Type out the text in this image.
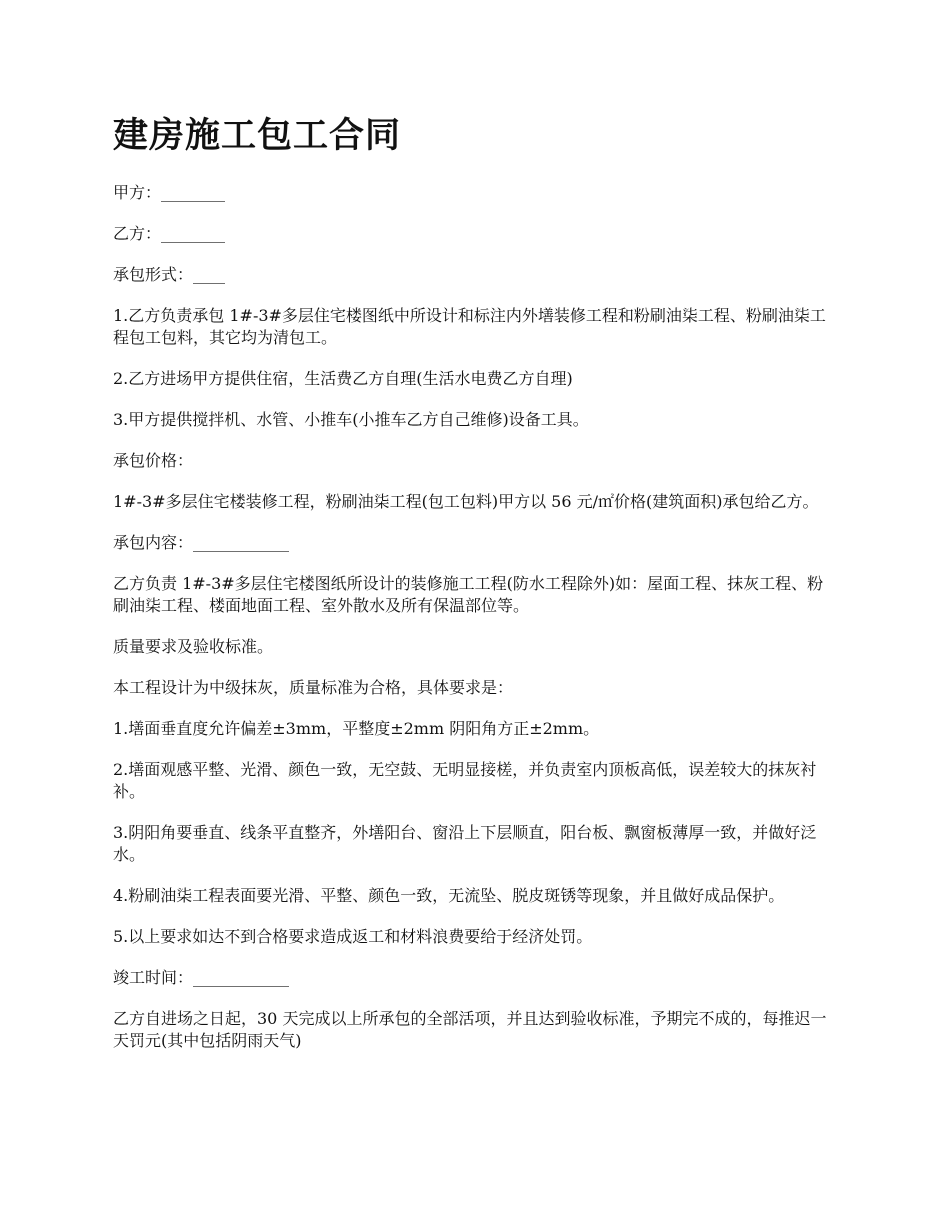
建房施工包工合同

甲方：________

乙方：________

承包形式：____

1.乙方负责承包 1#-3#多层住宅楼图纸中所设计和标注内外墡装修工程和粉刷油柒工程、粉刷油柒工程包工包料，其它均为清包工。

2.乙方进场甲方提供住宿，生活费乙方自理(生活水电费乙方自理)

3.甲方提供搅拌机、水管、小推车(小推车乙方自己维修)设备工具。

承包价格：

1#-3#多层住宅楼装修工程，粉刷油柒工程(包工包料)甲方以 56 元/㎡价格(建筑面积)承包给乙方。

承包内容：____________

乙方负责 1#-3#多层住宅楼图纸所设计的装修施工工程(防水工程除外)如：屋面工程、抹灰工程、粉刷油柒工程、楼面地面工程、室外散水及所有保温部位等。

质量要求及验收标准。

本工程设计为中级抹灰，质量标准为合格，具体要求是：

1.墡面垂直度允许偏差±3mm，平整度±2mm 阴阳角方正±2mm。

2.墡面观感平整、光滑、颜色一致，无空鼓、无明显接槎，并负责室内顶板高低，误差较大的抹灰衬补。

3.阴阳角要垂直、线条平直整齐，外墡阳台、窗沿上下层顺直，阳台板、飘窗板薄厚一致，并做好泛水。

4.粉刷油柒工程表面要光滑、平整、颜色一致，无流坠、脱皮斑锈等现象，并且做好成品保护。

5.以上要求如达不到合格要求造成返工和材料浪费要给于经济处罚。

竣工时间：____________

乙方自进场之日起，30 天完成以上所承包的全部活项，并且达到验收标准，予期完不成的，每推迟一天罚元(其中包括阴雨天气)
